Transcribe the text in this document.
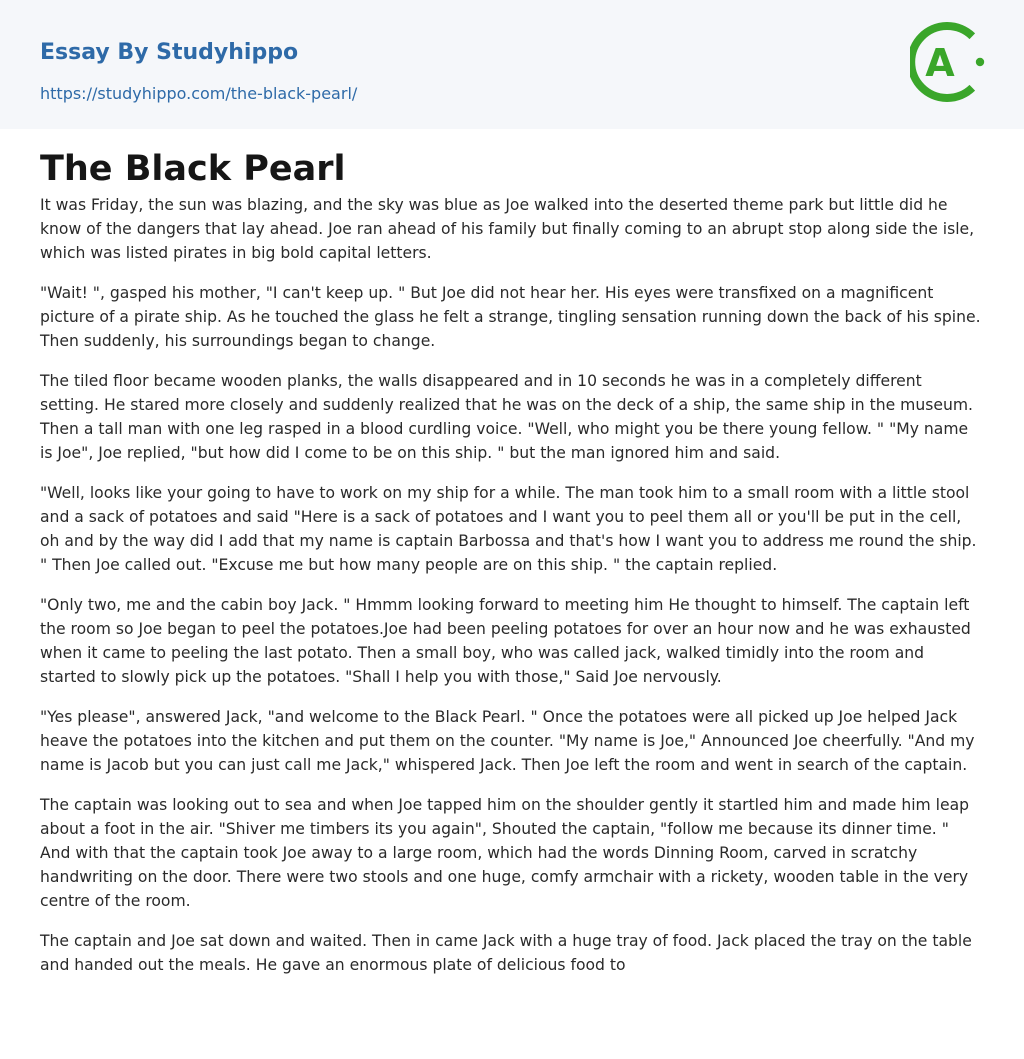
Essay By Studyhippo
https://studyhippo.com/the-black-pearl/
A
The Black Pearl

It was Friday, the sun was blazing, and the sky was blue as Joe walked into the deserted theme park but little did he know of the dangers that lay ahead. Joe ran ahead of his family but finally coming to an abrupt stop along side the isle, which was listed pirates in big bold capital letters.

"Wait! ", gasped his mother, "I can't keep up. " But Joe did not hear her. His eyes were transfixed on a magnificent picture of a pirate ship. As he touched the glass he felt a strange, tingling sensation running down the back of his spine. Then suddenly, his surroundings began to change.

The tiled floor became wooden planks, the walls disappeared and in 10 seconds he was in a completely different setting. He stared more closely and suddenly realized that he was on the deck of a ship, the same ship in the museum. Then a tall man with one leg rasped in a blood curdling voice. "Well, who might you be there young fellow. " "My name is Joe", Joe replied, "but how did I come to be on this ship. " but the man ignored him and said.

"Well, looks like your going to have to work on my ship for a while. The man took him to a small room with a little stool and a sack of potatoes and said "Here is a sack of potatoes and I want you to peel them all or you'll be put in the cell, oh and by the way did I add that my name is captain Barbossa and that's how I want you to address me round the ship. " Then Joe called out. "Excuse me but how many people are on this ship. " the captain replied.

"Only two, me and the cabin boy Jack. " Hmmm looking forward to meeting him He thought to himself. The captain left the room so Joe began to peel the potatoes.Joe had been peeling potatoes for over an hour now and he was exhausted when it came to peeling the last potato. Then a small boy, who was called jack, walked timidly into the room and started to slowly pick up the potatoes. "Shall I help you with those," Said Joe nervously.

"Yes please", answered Jack, "and welcome to the Black Pearl. " Once the potatoes were all picked up Joe helped Jack heave the potatoes into the kitchen and put them on the counter. "My name is Joe," Announced Joe cheerfully. "And my name is Jacob but you can just call me Jack," whispered Jack. Then Joe left the room and went in search of the captain.

The captain was looking out to sea and when Joe tapped him on the shoulder gently it startled him and made him leap about a foot in the air. "Shiver me timbers its you again", Shouted the captain, "follow me because its dinner time. " And with that the captain took Joe away to a large room, which had the words Dinning Room, carved in scratchy handwriting on the door. There were two stools and one huge, comfy armchair with a rickety, wooden table in the very centre of the room.

The captain and Joe sat down and waited. Then in came Jack with a huge tray of food. Jack placed the tray on the table and handed out the meals. He gave an enormous plate of delicious food to
